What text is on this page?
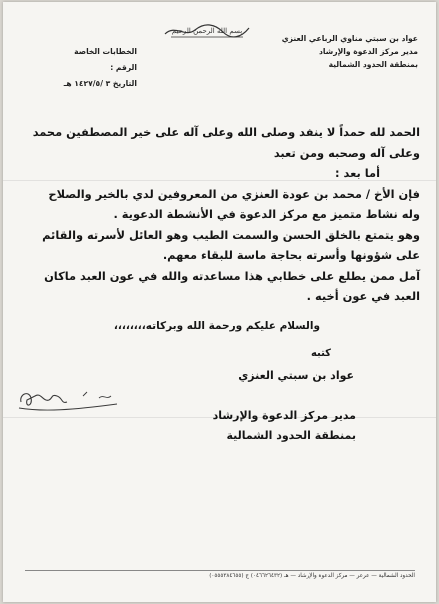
عواد بن سبتي مناوي الرباعي العنزي
مدير مركز الدعوة والإرشاد
بمنطقة الحدود الشمالية
بسم الله الرحمن الرحيم
الخطابات الخاصة
الرقم :
التاريخ ٣ /١٤٢٧/٥ هـ

الحمد لله حمداً لا ينفد وصلى الله وعلى آله على خير المصطفين محمد

وعلى آله وصحبه ومن تعبد

أما بعد :

فإن الأخ / محمد بن عودة العنزي من المعروفين لدي بالخير والصلاح

وله نشاط متميز مع مركز الدعوة في الأنشطة الدعوية .

وهو يتمتع بالخلق الحسن والسمت الطيب وهو العائل لأسرته والقائم

على شؤونها وأسرته بحاجة ماسة للبقاء معهم.

آمل ممن يطلع على خطابي هذا مساعدته والله في عون العبد ماكان

العبد في عون أخيه .

والسلام عليكم ورحمة الله وبركاته،،،،،،،،
كتبه
عواد بن سبتي العنزي
مدير مركز الدعوة والإرشاد
بمنطقة الحدود الشمالية
الحدود الشمالية — عرعر — مركز الدعوة والإرشاد — هـ (٠٤٦٦٢٦٤٣٢) ج (٠٥٥٥٣٨٤٦٥٥)
